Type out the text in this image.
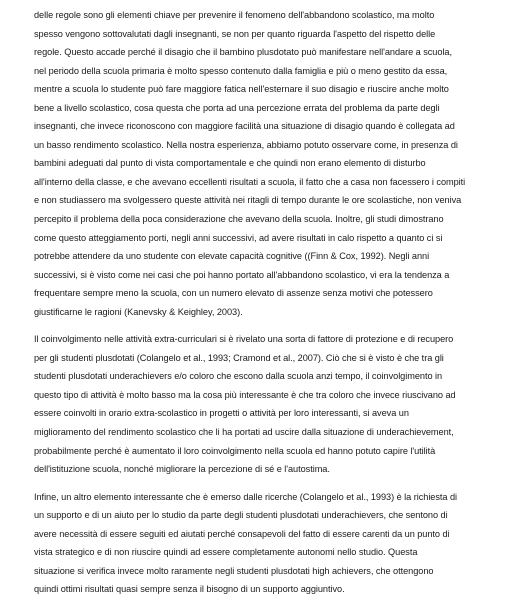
delle regole sono gli elementi chiave per prevenire il fenomeno dell'abbandono scolastico, ma molto
spesso vengono sottovalutati dagli insegnanti, se non per quanto riguarda l'aspetto del rispetto delle
regole. Questo accade perché il disagio che il bambino plusdotato può manifestare nell'andare a scuola,
nel periodo della scuola primaria è molto spesso contenuto dalla famiglia e più o meno gestito da essa,
mentre a scuola lo studente può fare maggiore fatica nell'esternare il suo disagio e riuscire anche molto
bene a livello scolastico, cosa questa che porta ad una percezione errata del problema da parte degli
insegnanti, che invece riconoscono con maggiore facilità una situazione di disagio quando è collegata ad
un basso rendimento scolastico. Nella nostra esperienza, abbiamo potuto osservare come, in presenza di
bambini adeguati dal punto di vista comportamentale e che quindi non erano elemento di disturbo
all'interno della classe, e che avevano eccellenti risultati a scuola, il fatto che a casa non facessero i compiti
e non studiassero ma svolgessero queste attività nei ritagli di tempo durante le ore scolastiche, non veniva
percepito il problema della poca considerazione che avevano della scuola. Inoltre, gli studi dimostrano
come questo atteggiamento porti, negli anni successivi, ad avere risultati in calo rispetto a quanto ci si
potrebbe attendere da uno studente con elevate capacità cognitive ((Finn & Cox, 1992). Negli anni
successivi, si è visto come nei casi che poi hanno portato all'abbandono scolastico, vi era la tendenza a
frequentare sempre meno la scuola, con un numero elevato di assenze senza motivi che potessero
giustificarne le ragioni (Kanevsky & Keighley, 2003).
Il coinvolgimento nelle attività extra-curriculari si è rivelato una sorta di fattore di protezione e di recupero
per gli studenti plusdotati (Colangelo et al., 1993; Cramond et al., 2007). Ciò che si è visto è che tra gli
studenti plusdotati underachievers e/o coloro che escono dalla scuola anzi tempo, il coinvolgimento in
questo tipo di attività è molto basso ma la cosa più interessante è che tra coloro che invece riuscivano ad
essere coinvolti in orario extra-scolastico in progetti o attività per loro interessanti, si aveva un
miglioramento del rendimento scolastico che li ha portati ad uscire dalla situazione di underachievement,
probabilmente perché è aumentato il loro coinvolgimento nella scuola ed hanno potuto capire l'utilità
dell'istituzione scuola, nonché migliorare la percezione di sé e l'autostima.
Infine, un altro elemento interessante che è emerso dalle ricerche (Colangelo et al., 1993) è la richiesta di
un supporto e di un aiuto per lo studio da parte degli studenti plusdotati underachievers, che sentono di
avere necessità di essere seguiti ed aiutati perché consapevoli del fatto di essere carenti da un punto di
vista strategico e di non riuscire quindi ad essere completamente autonomi nello studio. Questa
situazione si verifica invece molto raramente negli studenti plusdotati high achievers, che ottengono
quindi ottimi risultati quasi sempre senza il bisogno di un supporto aggiuntivo.
